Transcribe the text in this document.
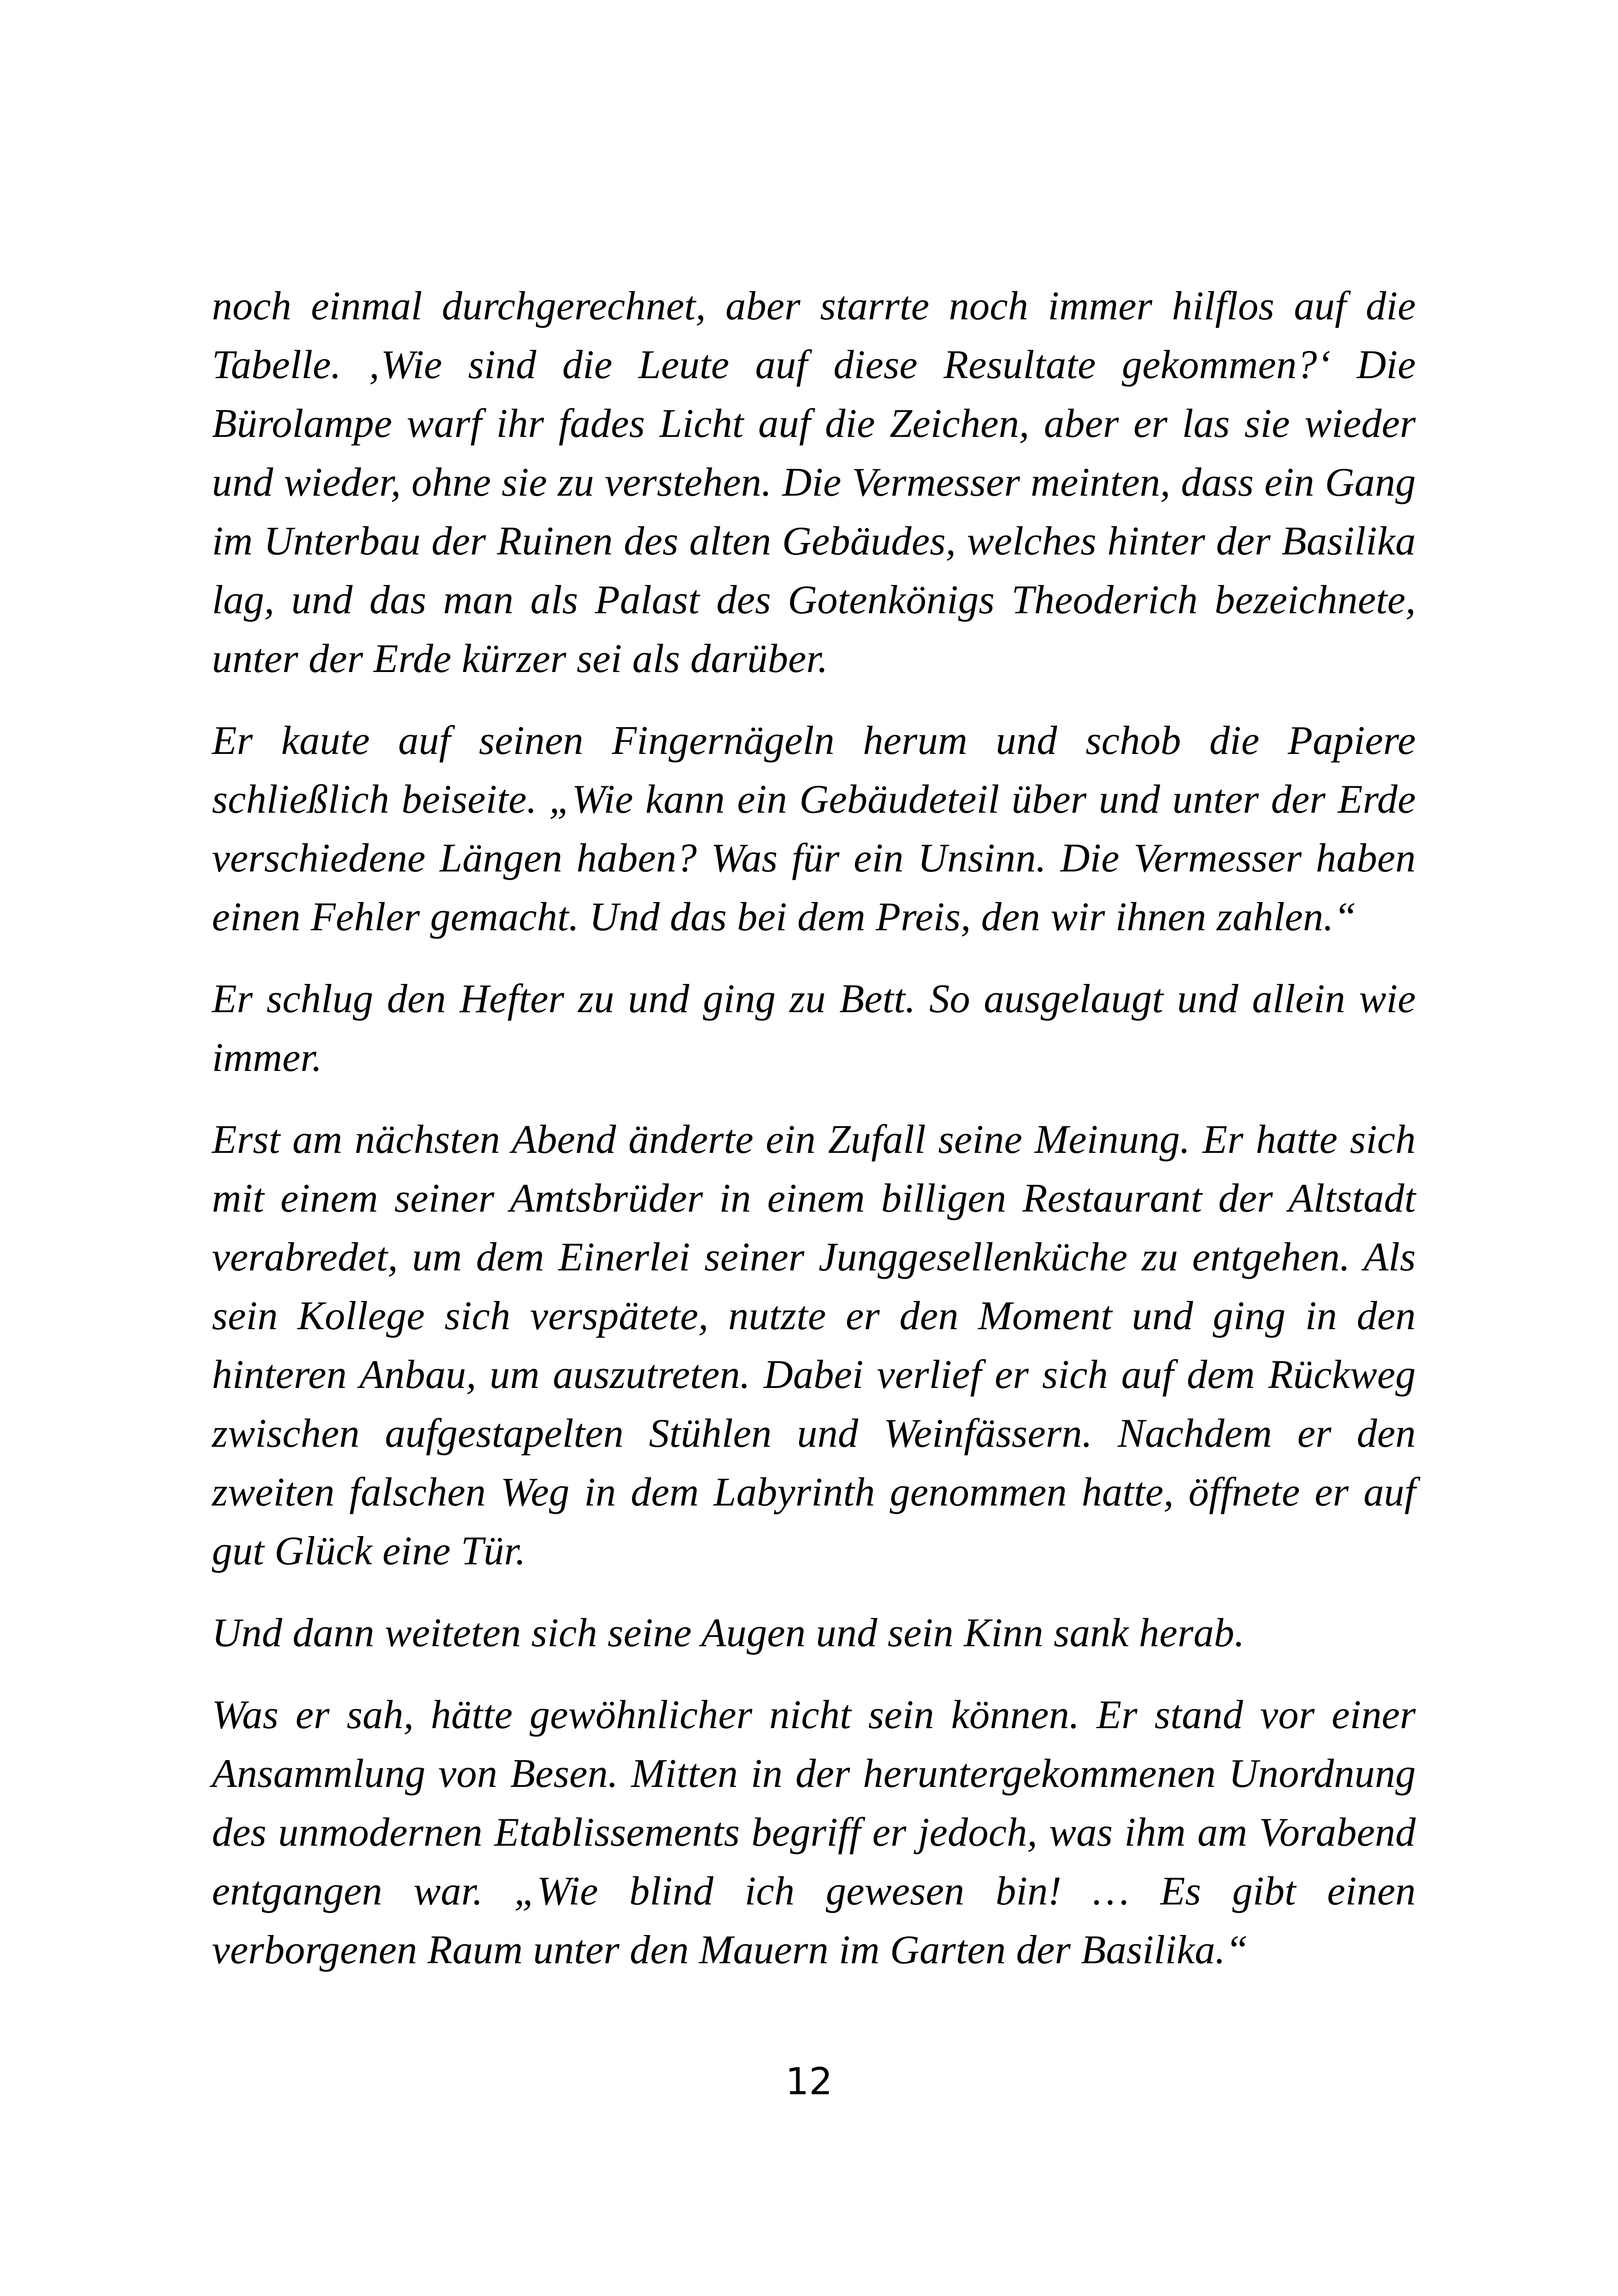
noch einmal durchgerechnet, aber starrte noch immer hilflos auf die Tabelle. ‚Wie sind die Leute auf diese Resultate gekommen?‘ Die Bürolampe warf ihr fades Licht auf die Zeichen, aber er las sie wieder und wieder, ohne sie zu verstehen. Die Vermesser meinten, dass ein Gang im Unterbau der Ruinen des alten Gebäudes, welches hinter der Basilika lag, und das man als Palast des Gotenkönigs Theoderich bezeichnete, unter der Erde kürzer sei als darüber.

Er kaute auf seinen Fingernägeln herum und schob die Papiere schließlich beiseite. „Wie kann ein Gebäudeteil über und unter der Erde verschiedene Längen haben? Was für ein Unsinn. Die Vermesser haben einen Fehler gemacht. Und das bei dem Preis, den wir ihnen zahlen.“

Er schlug den Hefter zu und ging zu Bett. So ausgelaugt und allein wie immer.

Erst am nächsten Abend änderte ein Zufall seine Meinung. Er hatte sich mit einem seiner Amtsbrüder in einem billigen Restaurant der Altstadt verabredet, um dem Einerlei seiner Junggesellenküche zu entgehen. Als sein Kollege sich verspätete, nutzte er den Moment und ging in den hinteren Anbau, um auszutreten. Dabei verlief er sich auf dem Rückweg zwischen aufgestapelten Stühlen und Weinfässern. Nachdem er den zweiten falschen Weg in dem Labyrinth genommen hatte, öffnete er auf gut Glück eine Tür.

Und dann weiteten sich seine Augen und sein Kinn sank herab.

Was er sah, hätte gewöhnlicher nicht sein können. Er stand vor einer Ansammlung von Besen. Mitten in der heruntergekommenen Unordnung des unmodernen Etablissements begriff er jedoch, was ihm am Vorabend entgangen war. „Wie blind ich gewesen bin! … Es gibt einen verborgenen Raum unter den Mauern im Garten der Basilika.“

12
